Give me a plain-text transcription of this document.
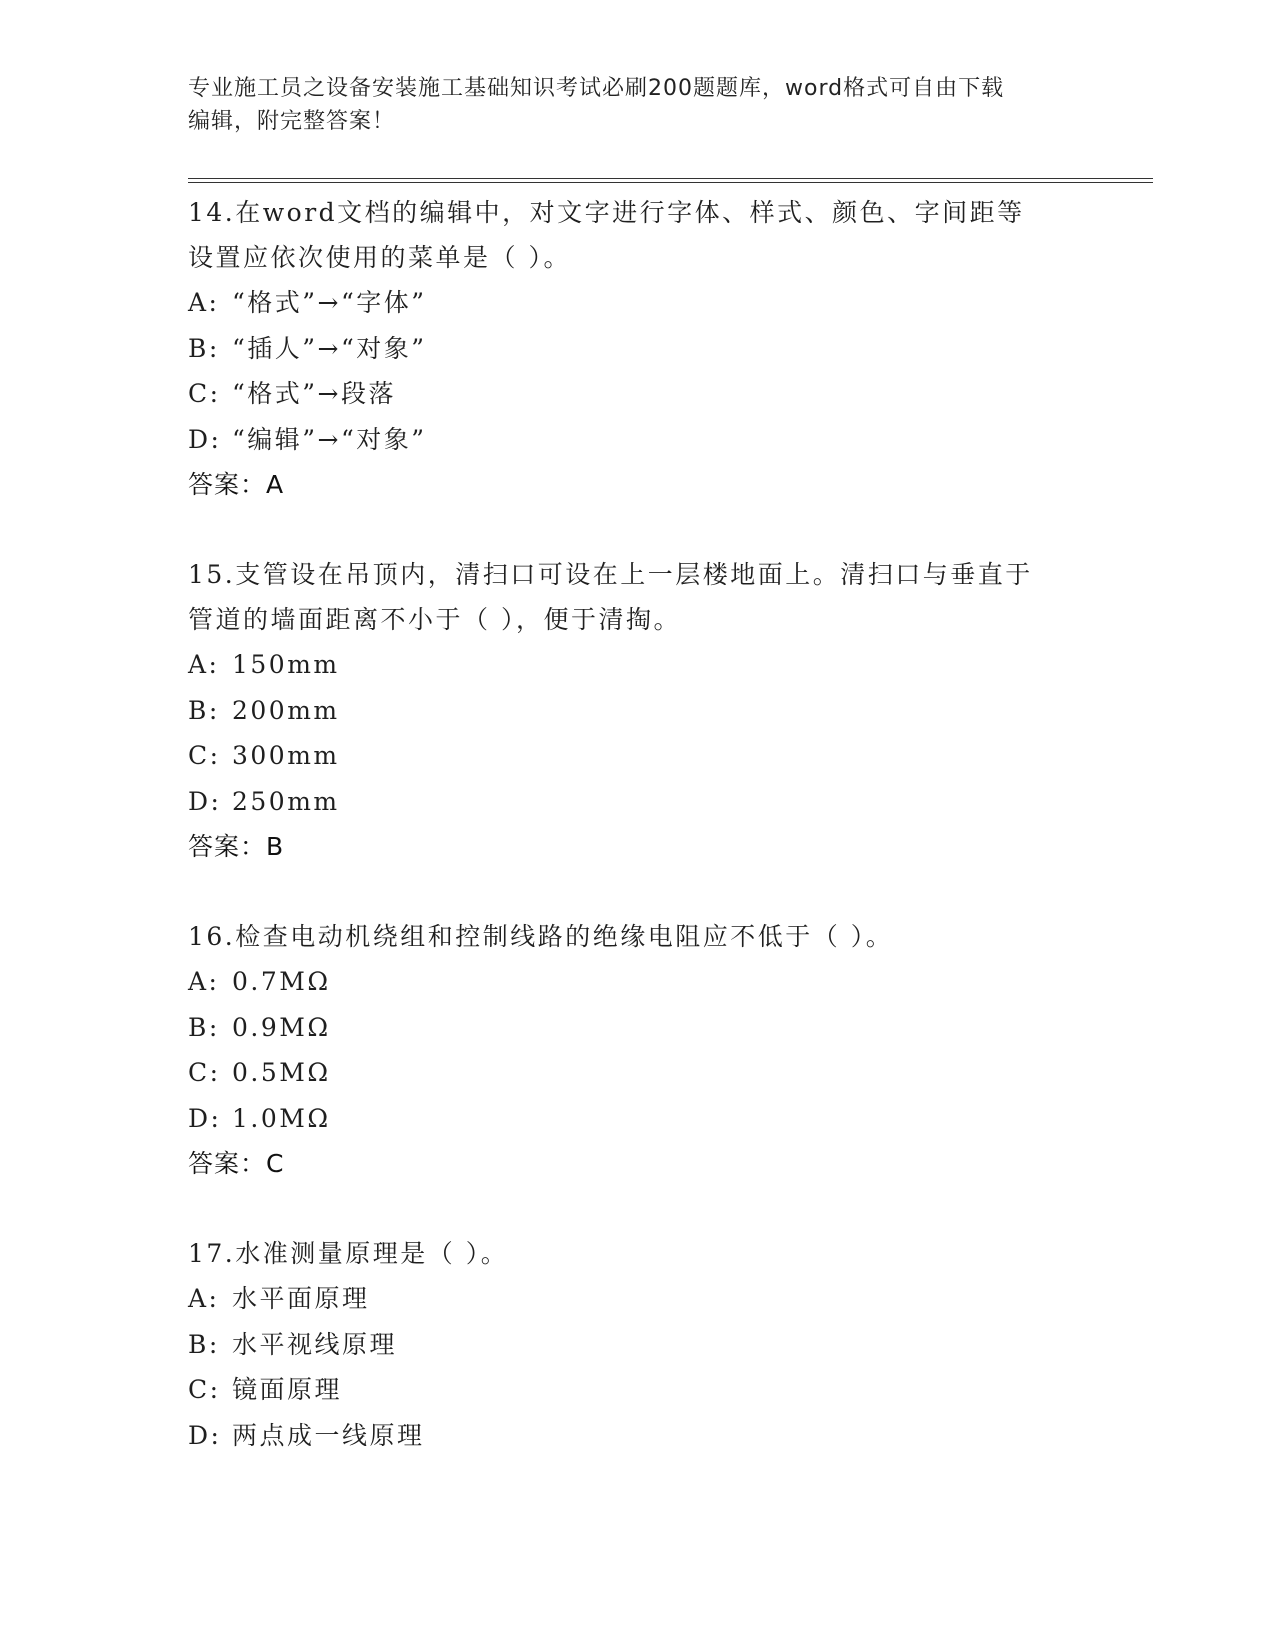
专业施工员之设备安装施工基础知识考试必刷200题题库，word格式可自由下载
编辑，附完整答案！

14.在word文档的编辑中，对文字进行字体、样式、颜色、字间距等

设置应依次使用的菜单是（ ）。

A: “格式”→“字体”

B: “插人”→“对象”

C: “格式”→段落

D: “编辑”→“对象”

答案：A

15.支管设在吊顶内，清扫口可设在上一层楼地面上。清扫口与垂直于

管道的墙面距离不小于（ ），便于清掏。

A: 150mm

B: 200mm

C: 300mm

D: 250mm

答案：B

16.检查电动机绕组和控制线路的绝缘电阻应不低于（ ）。

A: 0.7MΩ

B: 0.9MΩ

C: 0.5MΩ

D: 1.0MΩ

答案：C

17.水准测量原理是（ ）。

A: 水平面原理

B: 水平视线原理

C: 镜面原理

D: 两点成一线原理
